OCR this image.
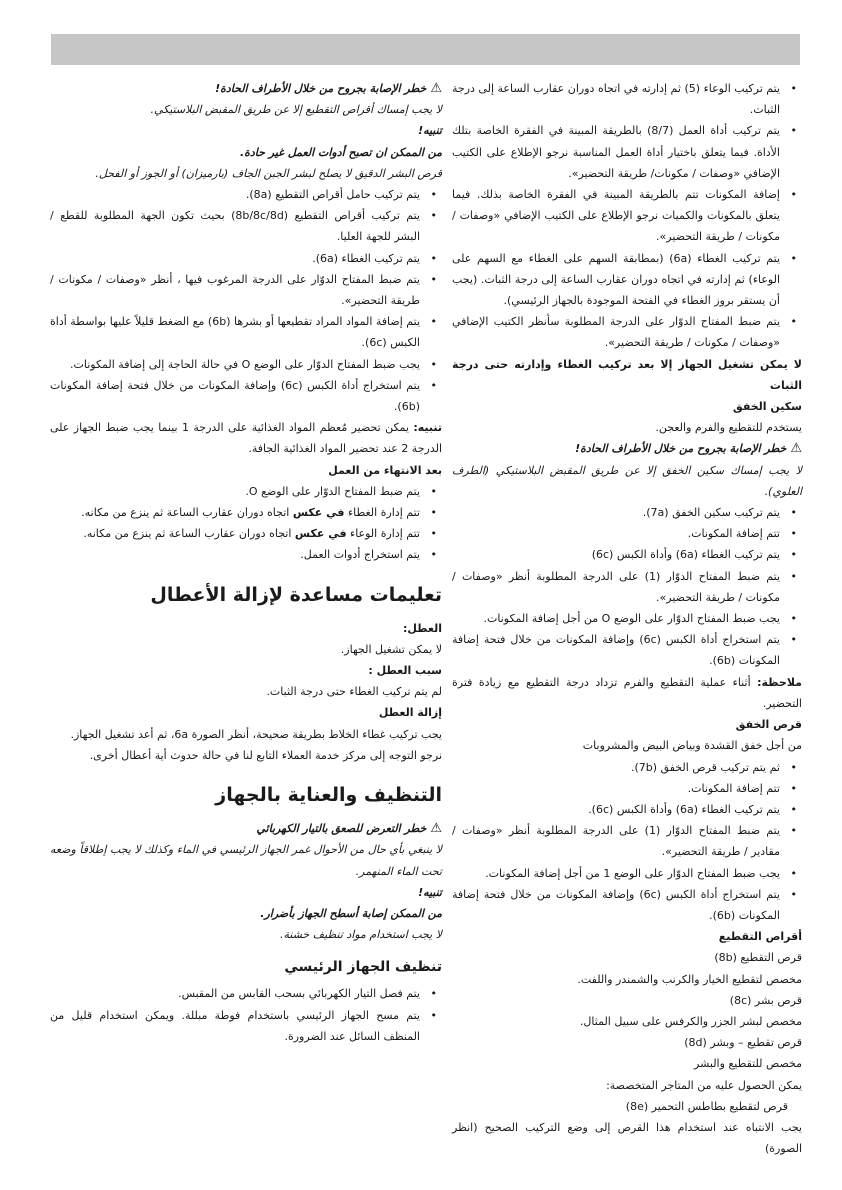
•
يتم تركيب الوعاء (5) ثم إدارته في اتجاه دوران عقارب الساعة إلى درجة الثبات.
•
يتم تركيب أداة العمل (8/7) بالطريقة المبينة في الفقرة الخاصة بتلك الأداة. فيما يتعلق باختيار أداة العمل المناسبة نرجو الإطلاع على الكتيب الإضافي «وصفات / مكونات/ طريقة التحضير».
•
إضافة المكونات تتم بالطريقة المبينة في الفقرة الخاصة بذلك. فيما يتعلق بالمكونات والكميات نرجو الإطلاع على الكتيب الإضافي «وصفات / مكونات / طريقة التحضير».
•
يتم تركيب الغطاء (6a) (بمطابقة السهم على الغطاء مع السهم على الوعاء) ثم إدارته في اتجاه دوران عقارب الساعة إلى درجة الثبات. (يجب أن يستقر بروز الغطاء في الفتحة الموجودة بالجهاز الرئيسي).
•
يتم ضبط المفتاح الدوّار على الدرجة المطلوبة سأنظر الكتيب الإضافي «وصفات / مكونات / طريقة التحضير».
لا يمكن تشغيل الجهاز إلا بعد تركيب الغطاء وإدارته حتى درجة الثبات
سكين الخفق
يستخدم للتقطيع والفرم والعجن.
⚠خطر الإصابة بجروح من خلال الأطراف الحادة!
لا يجب إمساك سكين الخفق إلا عن طريق المقبض البلاستيكي (الطرف العلوي).
•
يتم تركيب سكين الخفق (7a).
•
تتم إضافة المكونات.
•
يتم تركيب الغطاء (6a) وأداة الكبس (6c)
•
يتم ضبط المفتاح الدوّار (1) على الدرجة المطلوبة أنظر «وصفات / مكونات / طريقة التحضير».
•
يجب ضبط المفتاح الدوّار على الوضع O من أجل إضافة المكونات.
•
يتم استخراج أداة الكبس (6c) وإضافة المكونات من خلال فتحة إضافة المكونات (6b).
ملاحظة: أثناء عملية التقطيع والفرم تزداد درجة التقطيع مع زيادة فترة التحضير.
قرص الخفق
من أجل خفق القشدة وبياض البيض والمشروبات
•
ثم يتم تركيب قرص الخفق (7b).
•
تتم إضافة المكونات.
•
يتم تركيب الغطاء (6a) وأداة الكبس (6c).
•
يتم ضبط المفتاح الدوّار (1) على الدرجة المطلوبة أنظر «وصفات / مقادير / طريقة التحضير».
•
يجب ضبط المفتاح الدوّار على الوضع 1 من أجل إضافة المكونات.
•
يتم استخراج أداة الكبس (6c) وإضافة المكونات من خلال فتحة إضافة المكونات (6b).
أقراص التقطيع
قرص التقطيع (8b)
مخصص لتقطيع الخيار والكرنب والشمندر واللفت.
قرص بشر (8c)
مخصص لبشر الجزر والكرفس على سبيل المثال.
قرص تقطيع – وبشر (8d)
مخصص للتقطيع والبشر
يمكن الحصول عليه من المتاجر المتخصصة:
قرص لتقطيع بطاطس التحمير (8e)
يجب الانتباه عند استخدام هذا القرص إلى وضع التركيب الصحيح (انظر الصورة)
⚠خطر الإصابة بجروح من خلال الأطراف الحادة!
لا يجب إمساك أقراص التقطيع إلا عن طريق المقبض البلاستيكي.
تنبيه!
من الممكن ان تصبح أدوات العمل غير حادة.
قرص البشر الدقيق لا يصلح لبشر الجبن الجاف (بارميزان) أو الجوز أو الفحل.
•
يتم تركيب حامل أقراص التقطيع (8a).
•
يتم تركيب أقراص التقطيع (8b/8c/8d) بحيث تكون الجهة المطلوبة للقطع / البشر للجهة العليا.
•
يتم تركيب الغطاء (6a).
•
يتم ضبط المفتاح الدوّار على الدرجة المرغوب فيها ، أنظر «وصفات / مكونات / طريقة التحضير».
•
يتم إضافة المواد المراد تقطيعها أو بشرها (6b) مع الضغط قليلاً عليها بواسطة أداة الكبس (6c).
•
يجب ضبط المفتاح الدوّار على الوضع O في حالة الحاجة إلى إضافة المكونات.
•
يتم استخراج أداة الكبس (6c) وإضافة المكونات من خلال فتحة إضافة المكونات (6b).
تنبيه: يمكن تحضير مُعظم المواد الغذائية على الدرجة 1 بينما يجب ضبط الجهاز على الدرجة 2 عند تحضير المواد الغذائية الجافة.
بعد الانتهاء من العمل
•
يتم ضبط المفتاح الدوّار على الوضع O.
•
تتم إدارة الغطاء في عكس اتجاه دوران عقارب الساعة ثم ينزع من مكانه.
•
تتم إدارة الوعاء في عكس اتجاه دوران عقارب الساعة ثم ينزع من مكانه.
•
يتم استخراج أدوات العمل.
تعليمات مساعدة لإزالة الأعطال
العطل:
لا يمكن تشغيل الجهاز.
سبب العطل :
لم يتم تركيب الغطاء حتى درجة الثبات.
إزالة العطل
يجب تركيب غطاء الخلاط بطريقة صحيحة، أنظر الصورة 6a، ثم أعد تشغيل الجهاز.
نرجو التوجه إلى مركز خدمة العملاء التابع لنا في حالة حدوث أية أعطال أخرى.
التنظيف والعناية بالجهاز
⚠خطر التعرض للصعق بالتيار الكهربائي
لا ينبغي بأي حال من الأحوال غمر الجهاز الرئيسي في الماء وكذلك لا يجب إطلاقاً وضعه تحت الماء المنهمر.
تنبيه!
من الممكن إصابة أسطح الجهاز بأضرار.
لا يجب استخدام مواد تنظيف خشنة.
تنظيف الجهاز الرئيسي
•
يتم فصل التيار الكهربائي بسحب القابس من المقبس.
•
يتم مسح الجهاز الرئيسي باستخدام فوطة مبللة. ويمكن استخدام قليل من المنظف السائل عند الضرورة.
